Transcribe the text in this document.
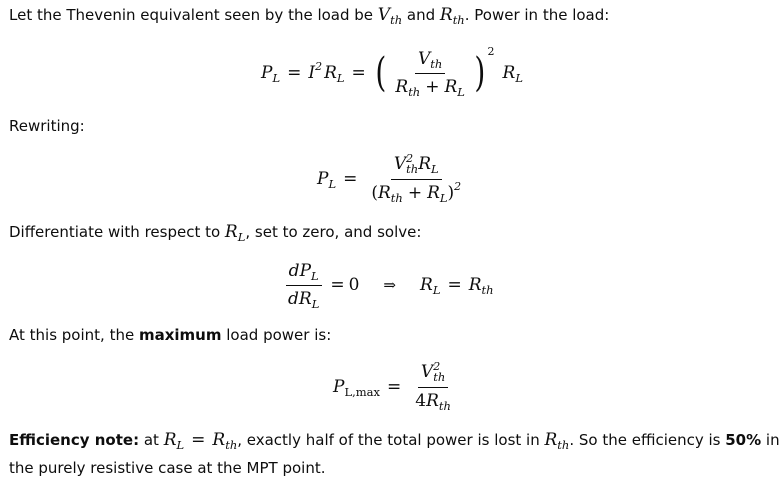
Let the Thevenin equivalent seen by the load be $V_{th}$ and $R_{th}$. Power in the load:
$P_L = I^2$ $R_L$ = ( $\frac{V_{th}}{R_{th} + R_L}$ ) 2
$R_L$
Rewriting:
$P_L = \frac{V^2_{th}R_L}{(R_{th} + R_L)^2}$
Differentiate with respect to $R_L$, set to zero, and solve:
$\frac{dP_L}{dR_L} = 0$ ⇒ $R_L = R_{th}$
At this point, the maximum load power is:
$P_{L,max} = \frac{V^2_{th}}{4R_{th}}$
Efficiency note: at $R_L = R_{th}$, exactly half of the total power is lost in $R_{th}$. So the efficiency is 50% in
the purely resistive case at the MPT point.
